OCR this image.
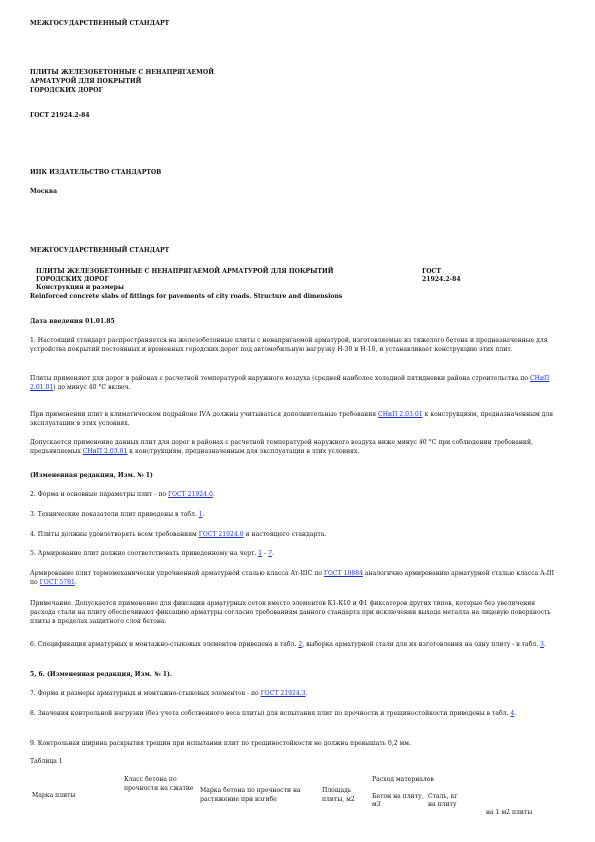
МЕЖГОСУДАРСТВЕННЫЙ СТАНДАРТ
ПЛИТЫ ЖЕЛЕЗОБЕТОННЫЕ С НЕНАПРЯГАЕМОЙ
АРМАТУРОЙ ДЛЯ ПОКРЫТИЙ
ГОРОДСКИХ ДОРОГ
ГОСТ 21924.2-84
ИПК ИЗДАТЕЛЬСТВО СТАНДАРТОВ
Москва
МЕЖГОСУДАРСТВЕННЫЙ СТАНДАРТ
ПЛИТЫ ЖЕЛЕЗОБЕТОННЫЕ С НЕНАПРЯГАЕМОЙ АРМАТУРОЙ ДЛЯ ПОКРЫТИЙ
ГОРОДСКИХ ДОРОГ
ГОСТ
21924.2-84
Конструкция и размеры
Reinforced concrete slabs of fittings for pavements of city roads. Structure and dimensions
Дата введения 01.01.85
1. Настоящий стандарт распространяется на железобетонные плиты с ненапрягаемой арматурой, изготовляемые из тяжелого бетона и предназначенные для устройства покрытий постоянных и временных городских дорог под автомобильную нагрузку Н-30 и Н-10, и устанавливает конструкцию этих плит.
Плиты применяют для дорог в районах с расчетной температурой наружного воздуха (средней наиболее холодной пятидневки района строительства по СНиП 2.01.01) до минус 40 °С включ.
При применении плит в климатическом подрайоне IVА должны учитываться дополнительные требования СНиП 2.03.01 к конструкциям, предназначенным для эксплуатации в этих условиях.
Допускается применение данных плит для дорог в районах с расчетной температурой наружного воздуха ниже минус 40 °С при соблюдении требований, предъявляемых СНиП 2.03.01 к конструкциям, предназначенным для эксплуатации в этих условиях.
(Измененная редакция, Изм. № 1)
2. Форма и основные параметры плит - по ГОСТ 21924.0.
3. Технические показатели плит приведены в табл. 1.
4. Плиты должны удовлетворять всем требованиям ГОСТ 21924.0 и настоящего стандарта.
5. Армирование плит должно соответствовать приведенному на черт. 1 - 7.
Армирование плит термомеханически упрочненной арматурной сталью класса Ат-IIIС по ГОСТ 10884 аналогично армированию арматурной сталью класса А-III по ГОСТ 5781.
Примечание. Допускается применение для фиксации арматурных сеток вместо элементов К1-К10 и Ф1 фиксаторов других типов, которые без увеличения расхода стали на плиту обеспечивают фиксацию арматуры согласно требованиям данного стандарта при исключении выхода металла на лицевую поверхность плиты в пределах защитного слоя бетона.
6. Спецификация арматурных и монтажно-стыковых элементов приведена в табл. 2, выборка арматурной стали для их изготовления на одну плиту - в табл. 3.
5, 6. (Измененная редакция, Изм. № 1).
7. Форма и размеры арматурных и монтажно-стыковых элементов - по ГОСТ 21924.3.
8. Значения контрольной нагрузки (без учета собственного веса плиты) для испытания плит по прочности и трещиностойкости приведены в табл. 4.
9. Контрольная ширина раскрытия трещин при испытании плит по трещиностойкости не должна превышать 0,2 мм.
Таблица 1
Марка плиты	Класс бетона по прочности на сжатие	Марка бетона по прочности на растяжение при изгибе	Площадь плиты, м2	Расход материалов		
				Бетон на плиту, м3	Сталь, кг	
					на плиту	на 1 м2 плиты
